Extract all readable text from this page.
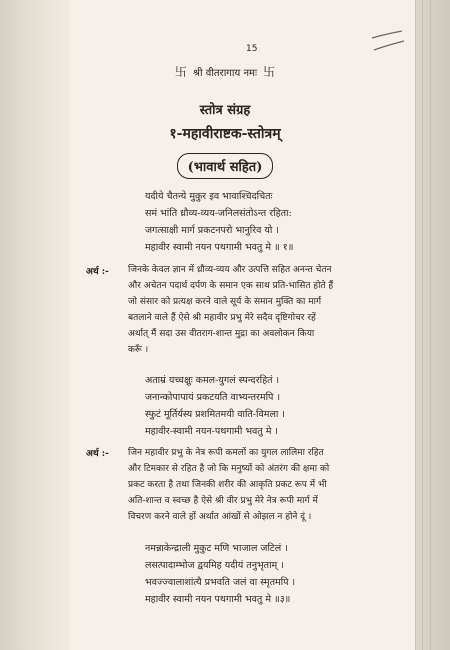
15
卐 श्री वीतरागाय नमः 卐
स्तोत्र संग्रह
१-महावीराष्टक-स्तोत्रम्
(भावार्थ सहित)
यदीये चैतन्ये मुकुर इव भावाश्चिदचितः
समं भांति ध्रौव्य-व्यय-जनिलसंतोऽन्त रहिता:
जगत्साक्षी मार्ग प्रकटनपरो भानुरिव यो ।
महावीर स्वामी नयन पथगामी भवतु मे ॥ १॥
अर्थ :- जिनके केवल ज्ञान में ध्रौव्य-व्यय और उत्पत्ति सहित अनन्त चेतन
और अचेतन पदार्थ दर्पण के समान एक साथ प्रति-भासित होते हैं
जो संसार को प्रत्यक्ष करने वाले सूर्य के समान मुक्ति का मार्ग
बतलाने वाले हैं ऐसे श्री महावीर प्रभु मेरे सदैव दृष्टिगोचर रहें
अर्थात् मैं सदा उस वीतराग-शान्त मुद्रा का अवलोकन किया
करूँ ।
अताम्रं यच्चक्षुः कमल-युगलं स्पन्दरहितं ।
जनान्कोपापायं प्रकटयति वाभ्यन्तरमपि ।
स्फुटं मूर्तिर्यस्य प्रशमितमयी वाति-विमला ।
महावीर-स्वामी नयन-पथगामी भवतु मे ।
अर्थ :- जिन महावीर प्रभु के नेत्र रूपी कमलों का युगल लालिमा रहित
और टिमकार से रहित है जो कि मनुष्यों को अंतरंग की क्षमा को
प्रकट करता है तथा जिनकी शरीर की आकृति प्रकट रूप में भी
अति-शान्त व स्वच्छ है ऐसे श्री वीर प्रभु मेरे नेत्र रूपी मार्ग में
विचरण करने वाले हों अर्थात आंखों से ओझल न होने दूं ।
नमन्नाकेन्द्राली मुकुट मणि भाजाल जटिलं ।
लसत्पादाम्भोज द्वयमिह यदीयं तनुभृताम् ।
भवज्ज्वालाशांत्यै प्रभवति जलं वा स्मृतमपि ।
महावीर स्वामी नयन पथगामी भवतु मे ॥३॥
